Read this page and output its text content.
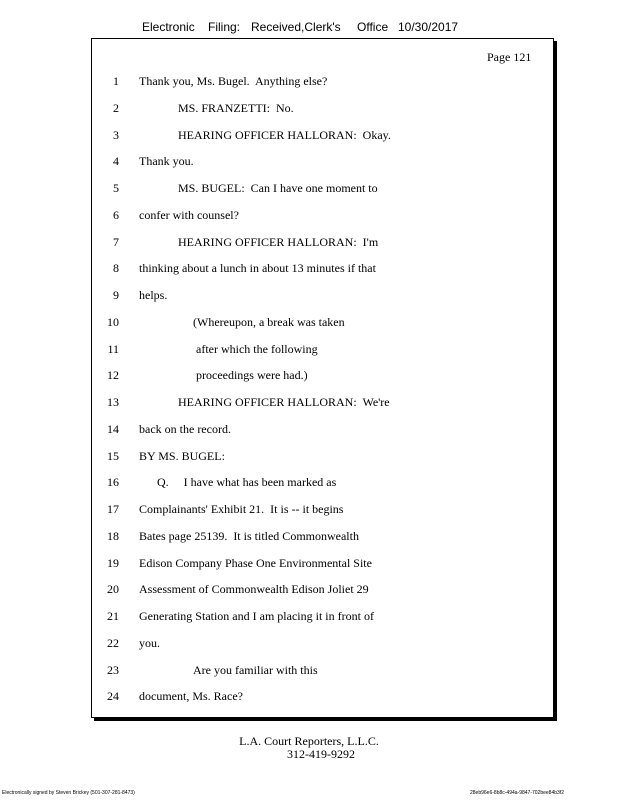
Electronic Filing: Received,Clerk's Office 10/30/2017
Page 121
1 Thank you, Ms. Bugel.  Anything else?
2	MS. FRANZETTI:  No.
3	HEARING OFFICER HALLORAN:  Okay.
4 Thank you.
5	MS. BUGEL:  Can I have one moment to
6 confer with counsel?
7	HEARING OFFICER HALLORAN:  I'm
8 thinking about a lunch in about 13 minutes if that
9 helps.
10	(Whereupon, a break was taken
11	after which the following
12	proceedings were had.)
13	HEARING OFFICER HALLORAN:  We're
14 back on the record.
15 BY MS. BUGEL:
16	Q.     I have what has been marked as
17 Complainants' Exhibit 21.  It is -- it begins
18 Bates page 25139.  It is titled Commonwealth
19 Edison Company Phase One Environmental Site
20 Assessment of Commonwealth Edison Joliet 29
21 Generating Station and I am placing it in front of
22 you.
23	Are you familiar with this
24 document, Ms. Race?
L.A. Court Reporters, L.L.C.
312-419-9292
Electronically signed by Steven Brickey (501-307-281-8473)	28eb96e6-8b8c-494a-9847-702bee84b3f2
